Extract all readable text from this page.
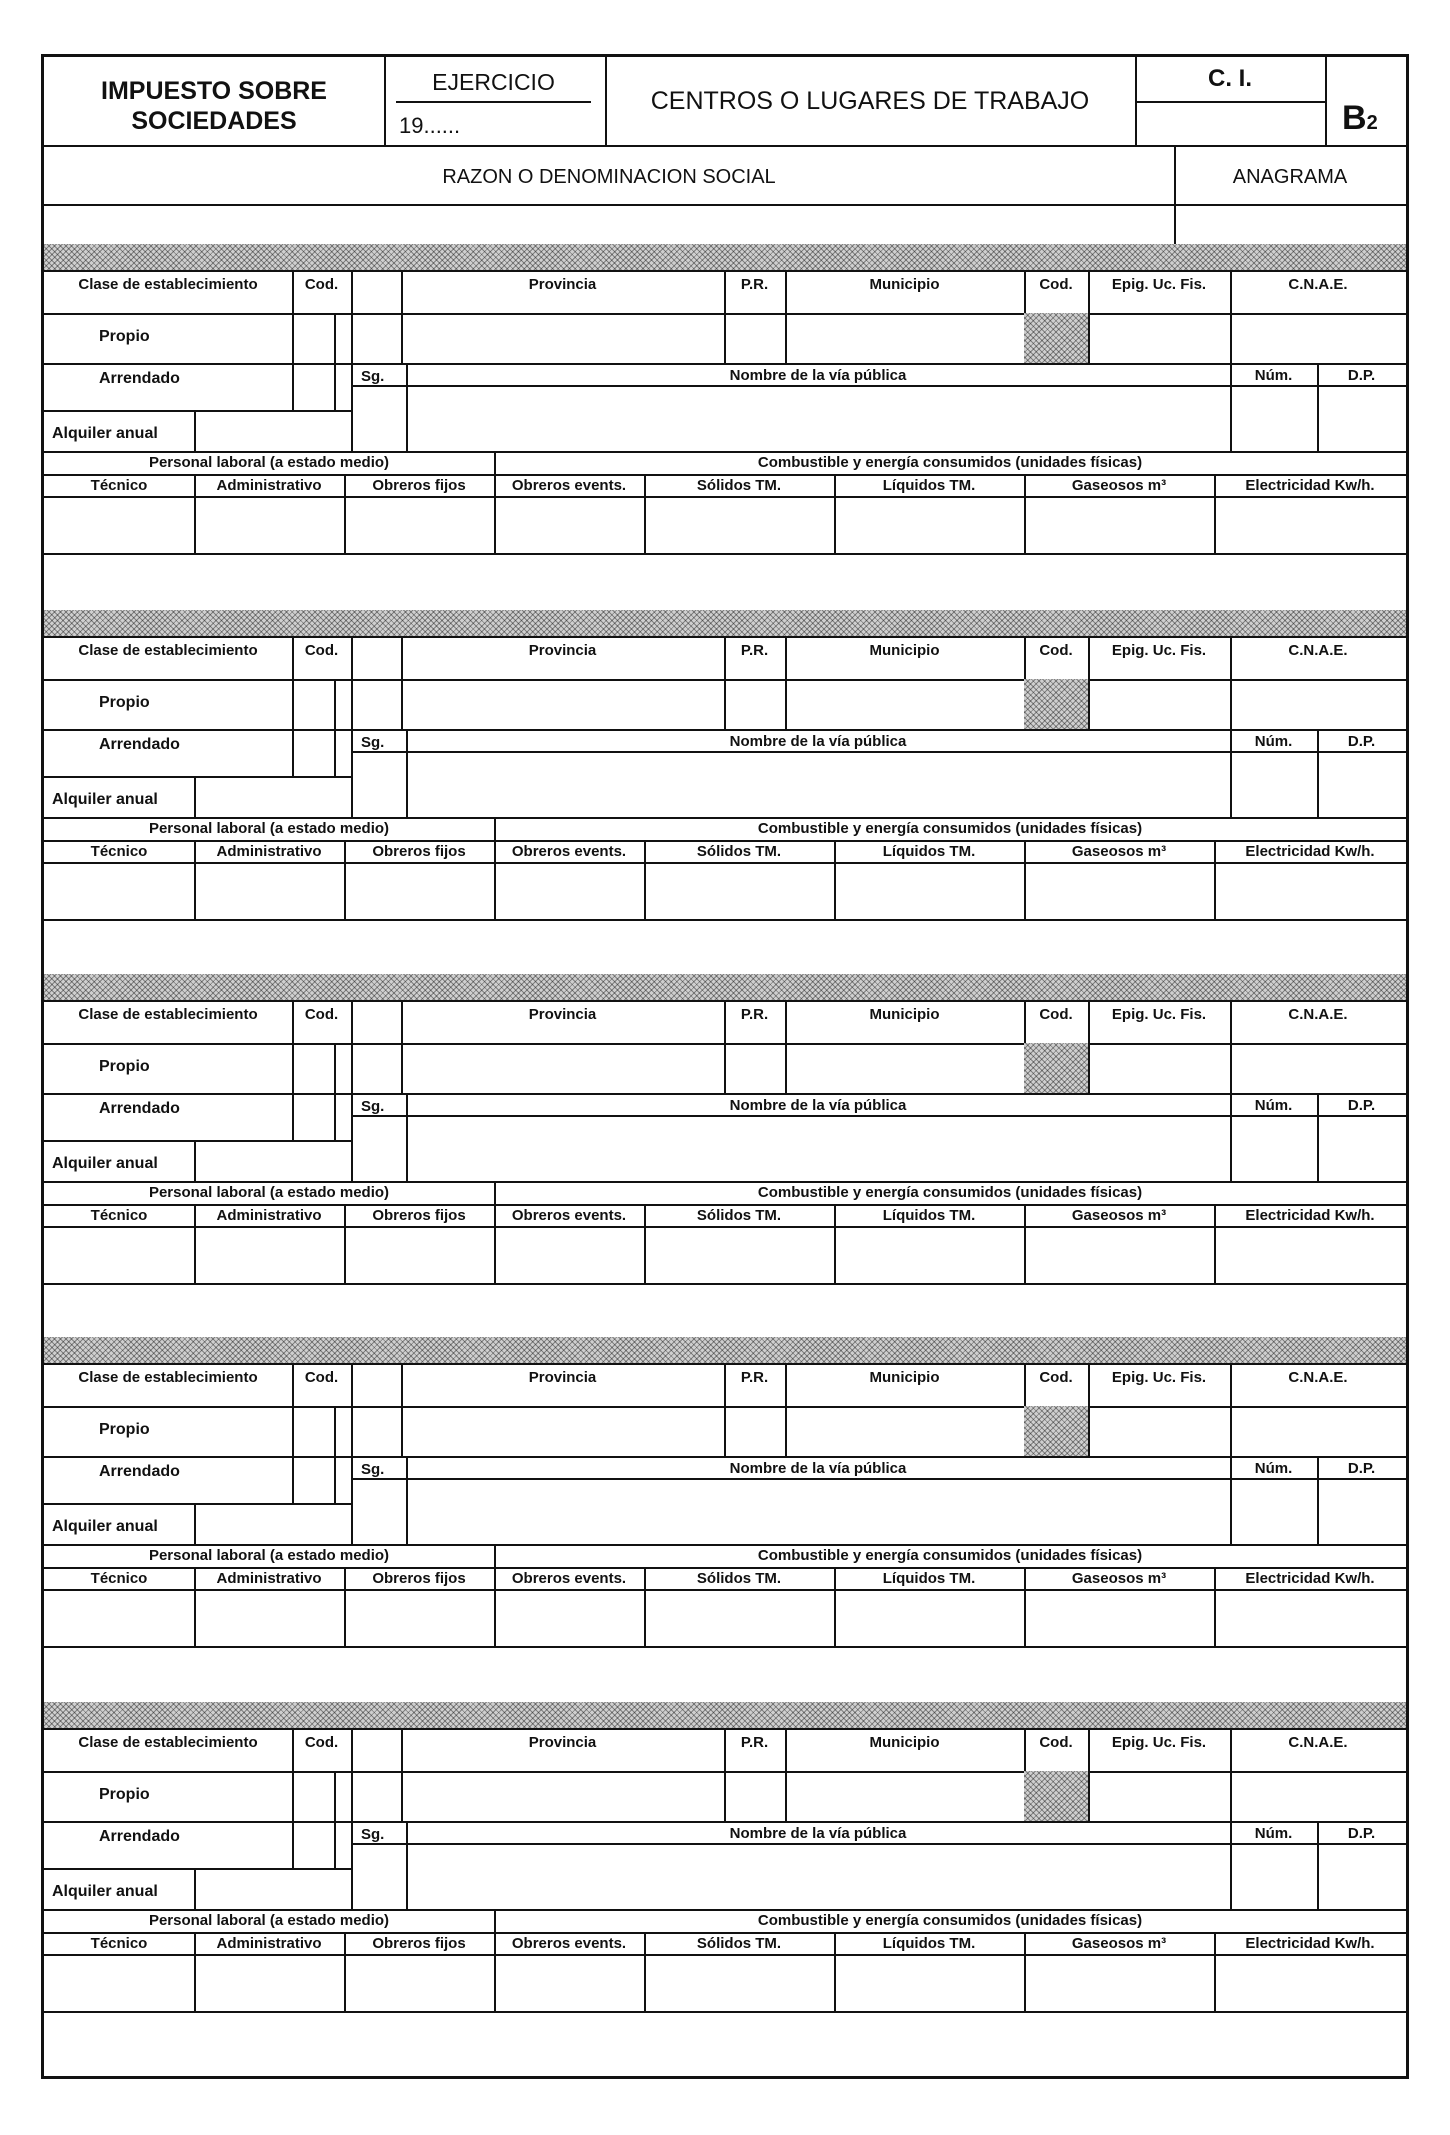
IMPUESTO SOBRE
SOCIEDADES
EJERCICIO
19......
CENTROS O LUGARES DE TRABAJO
C. I.
B2
RAZON O DENOMINACION SOCIAL	ANAGRAMA
Clase de establecimiento	Cod.	Provincia	P.R.	Municipio	Cod.	Epig. Uc. Fis.	C.N.A.E.
Propio
Arrendado
Alquiler anual
Sg.	Nombre de la vía pública	Núm.	D.P.
Personal laboral (a estado medio)	Combustible y energía consumidos (unidades físicas)
Técnico	Administrativo	Obreros fijos	Obreros events.	Sólidos TM.	Líquidos TM.	Gaseosos m³	Electricidad Kw/h.
Clase de establecimiento	Cod.	Provincia	P.R.	Municipio	Cod.	Epig. Uc. Fis.	C.N.A.E.
Propio
Arrendado
Alquiler anual
Sg.	Nombre de la vía pública	Núm.	D.P.
Personal laboral (a estado medio)	Combustible y energía consumidos (unidades físicas)
Técnico	Administrativo	Obreros fijos	Obreros events.	Sólidos TM.	Líquidos TM.	Gaseosos m³	Electricidad Kw/h.
Clase de establecimiento	Cod.	Provincia	P.R.	Municipio	Cod.	Epig. Uc. Fis.	C.N.A.E.
Propio
Arrendado
Alquiler anual
Sg.	Nombre de la vía pública	Núm.	D.P.
Personal laboral (a estado medio)	Combustible y energía consumidos (unidades físicas)
Técnico	Administrativo	Obreros fijos	Obreros events.	Sólidos TM.	Líquidos TM.	Gaseosos m³	Electricidad Kw/h.
Clase de establecimiento	Cod.	Provincia	P.R.	Municipio	Cod.	Epig. Uc. Fis.	C.N.A.E.
Propio
Arrendado
Alquiler anual
Sg.	Nombre de la vía pública	Núm.	D.P.
Personal laboral (a estado medio)	Combustible y energía consumidos (unidades físicas)
Técnico	Administrativo	Obreros fijos	Obreros events.	Sólidos TM.	Líquidos TM.	Gaseosos m³	Electricidad Kw/h.
Clase de establecimiento	Cod.	Provincia	P.R.	Municipio	Cod.	Epig. Uc. Fis.	C.N.A.E.
Propio
Arrendado
Alquiler anual
Sg.	Nombre de la vía pública	Núm.	D.P.
Personal laboral (a estado medio)	Combustible y energía consumidos (unidades físicas)
Técnico	Administrativo	Obreros fijos	Obreros events.	Sólidos TM.	Líquidos TM.	Gaseosos m³	Electricidad Kw/h.
